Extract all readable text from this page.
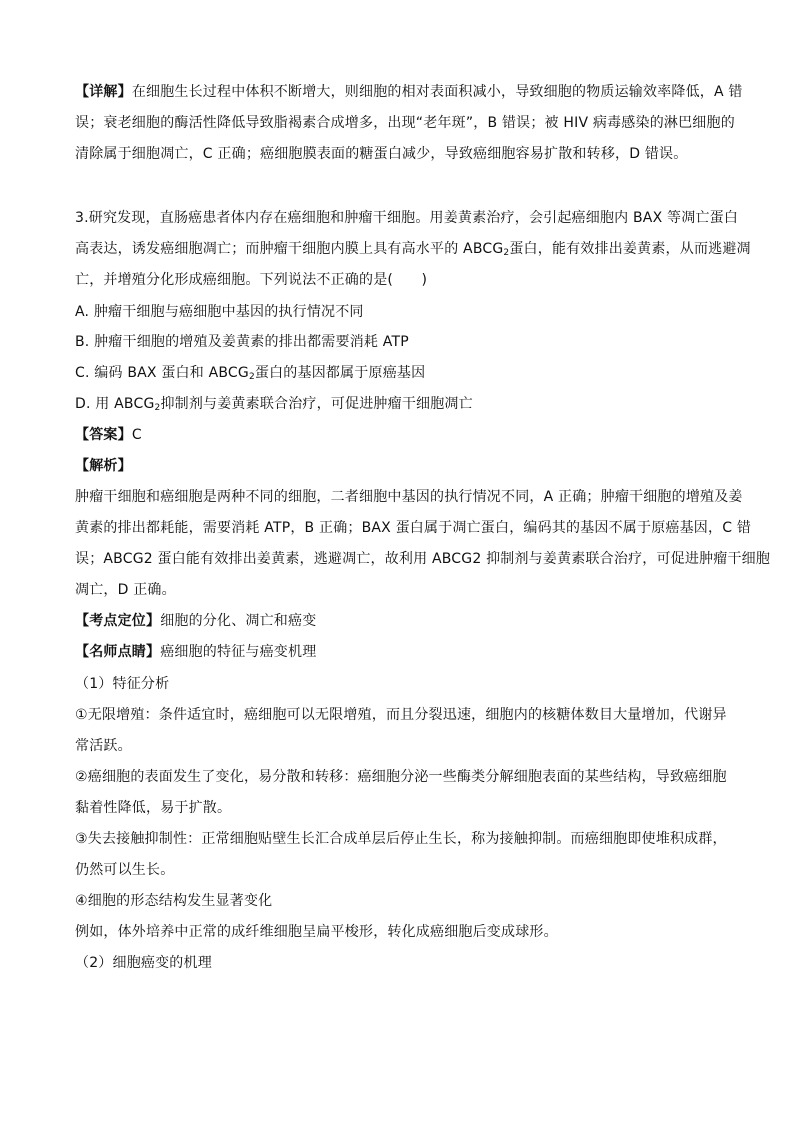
【详解】在细胞生长过程中体积不断增大，则细胞的相对表面积减小，导致细胞的物质运输效率降低，A 错
误；衰老细胞的酶活性降低导致脂褐素合成增多，出现“老年斑”，B 错误；被 HIV 病毒感染的淋巴细胞的
清除属于细胞凋亡，C 正确；癌细胞膜表面的糖蛋白减少，导致癌细胞容易扩散和转移，D 错误。
3.研究发现，直肠癌患者体内存在癌细胞和肿瘤干细胞。用姜黄素治疗，会引起癌细胞内 BAX 等凋亡蛋白
高表达，诱发癌细胞凋亡；而肿瘤干细胞内膜上具有高水平的 $ABCG_2$蛋白，能有效排出姜黄素，从而逃避凋
亡，并增殖分化形成癌细胞。下列说法不正确的是(　　)
A. 肿瘤干细胞与癌细胞中基因的执行情况不同
B. 肿瘤干细胞的增殖及姜黄素的排出都需要消耗 ATP
C. 编码 BAX 蛋白和 $ABCG_2$蛋白的基因都属于原癌基因
D. 用 $ABCG_2$抑制剂与姜黄素联合治疗，可促进肿瘤干细胞凋亡
【答案】C
【解析】
肿瘤干细胞和癌细胞是两种不同的细胞，二者细胞中基因的执行情况不同，A 正确；肿瘤干细胞的增殖及姜
黄素的排出都耗能，需要消耗 ATP，B 正确；BAX 蛋白属于凋亡蛋白，编码其的基因不属于原癌基因，C 错
误；ABCG2 蛋白能有效排出姜黄素，逃避凋亡，故利用 ABCG2 抑制剂与姜黄素联合治疗，可促进肿瘤干细胞
凋亡，D 正确。
【考点定位】细胞的分化、凋亡和癌变
【名师点睛】癌细胞的特征与癌变机理
（1）特征分析
①无限增殖：条件适宜时，癌细胞可以无限增殖，而且分裂迅速，细胞内的核糖体数目大量增加，代谢异
常活跃。
②癌细胞的表面发生了变化，易分散和转移：癌细胞分泌一些酶类分解细胞表面的某些结构，导致癌细胞
黏着性降低，易于扩散。
③失去接触抑制性：正常细胞贴壁生长汇合成单层后停止生长，称为接触抑制。而癌细胞即使堆积成群，
仍然可以生长。
④细胞的形态结构发生显著变化
例如，体外培养中正常的成纤维细胞呈扁平梭形，转化成癌细胞后变成球形。
（2）细胞癌变的机理
